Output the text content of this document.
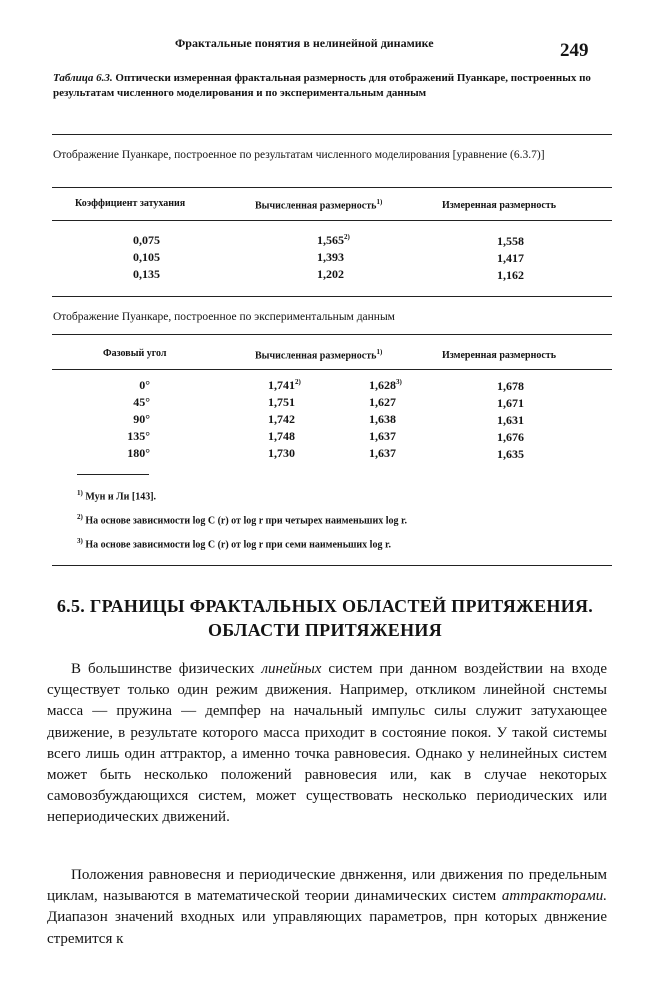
Фрактальные понятия в нелинейной динамике	249
Таблица 6.3. Оптически измеренная фрактальная размерность для отображений Пуанкаре, построенных по результатам численного моделирования и по экспериментальным данным
Отображение Пуанкаре, построенное по результатам численного моделирования [уравнение (6.3.7)]
Коэффициент затухания	Вычисленная размерность$^{1)}$	Измеренная размерность
0,075	1,565$^{2)}$	1,558
0,105	1,393	1,417
0,135	1,202	1,162
Отображение Пуанкаре, построенное по экспериментальным данным
Фазовый угол	Вычисленная размерность$^{1)}$	Измеренная размерность
0°	1,741$^{2)}$	1,628$^{3)}$	1,678
45°	1,751	1,627	1,671
90°	1,742	1,638	1,631
135°	1,748	1,637	1,676
180°	1,730	1,637	1,635
$^{1)}$ Мун и Ли [143].
$^{2)}$ На основе зависимости log C (r) от log r при четырех наименьших log r.
$^{3)}$ На основе зависимости log C (r) от log r при семи наименьших log r.
6.5. ГРАНИЦЫ ФРАКТАЛЬНЫХ ОБЛАСТЕЙ ПРИТЯЖЕНИЯ.
ОБЛАСТИ ПРИТЯЖЕНИЯ

В большинстве физических линейных систем при данном воздействии на входе существует только один режим движения. Например, откликом линейной снстемы масса — пружина — демпфер на начальный импульс силы служит затухающее движение, в результате которого масса приходит в состояние покоя. У такой системы всего лишь один аттрактор, а именно точка равновесия. Однако у нелинейных систем может быть несколько положений равновесия или, как в случае некоторых самовозбуждающихся систем, может существовать несколько периодических или непериодических движений.

Положения равновесня и периодические двнження, или движения по предельным циклам, называются в математической теории динамических систем аттракторами. Диапазон значений входных или управляющих параметров, прн которых двнжение стремится к
